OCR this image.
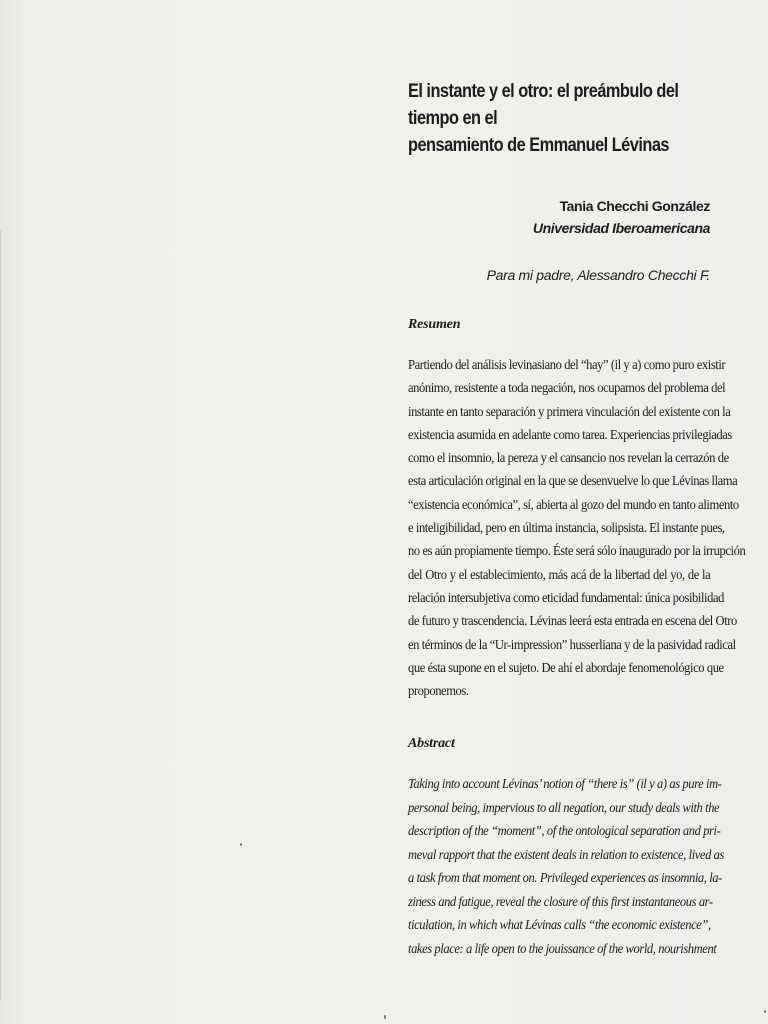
El instante y el otro: el preámbulo del tiempo en el
pensamiento de Emmanuel Lévinas
Tania Checchi González
Universidad Iberoamericana
Para mi padre, Alessandro Checchi F.
Resumen
Partiendo del análisis levinasiano del “hay” (il y a) como puro existir
anónimo, resistente a toda negación, nos ocupamos del problema del
instante en tanto separación y primera vinculación del existente con la
existencia asumida en adelante como tarea. Experiencias privilegiadas
como el insomnio, la pereza y el cansancio nos revelan la cerrazón de
esta articulación original en la que se desenvuelve lo que Lévinas llama
“existencia económica”, sí, abierta al gozo del mundo en tanto alimento
e inteligibilidad, pero en última instancia, solipsista. El instante pues,
no es aún propiamente tiempo. Éste será sólo inaugurado por la irrupción
del Otro y el establecimiento, más acá de la libertad del yo, de la
relación intersubjetiva como eticidad fundamental: única posibilidad
de futuro y trascendencia. Lévinas leerá esta entrada en escena del Otro
en términos de la “Ur-impression” husserliana y de la pasividad radical
que ésta supone en el sujeto. De ahí el abordaje fenomenológico que
proponemos.
Abstract
Taking into account Lévinas’ notion of “there is” (il y a) as pure im-
personal being, impervious to all negation, our study deals with the
description of the “moment”, of the ontological separation and pri-
meval rapport that the existent deals in relation to existence, lived as
a task from that moment on. Privileged experiences as insomnia, la-
ziness and fatigue, reveal the closure of this first instantaneous ar-
ticulation, in which what Lévinas calls “the economic existence”,
takes place: a life open to the jouissance of the world, nourishment
